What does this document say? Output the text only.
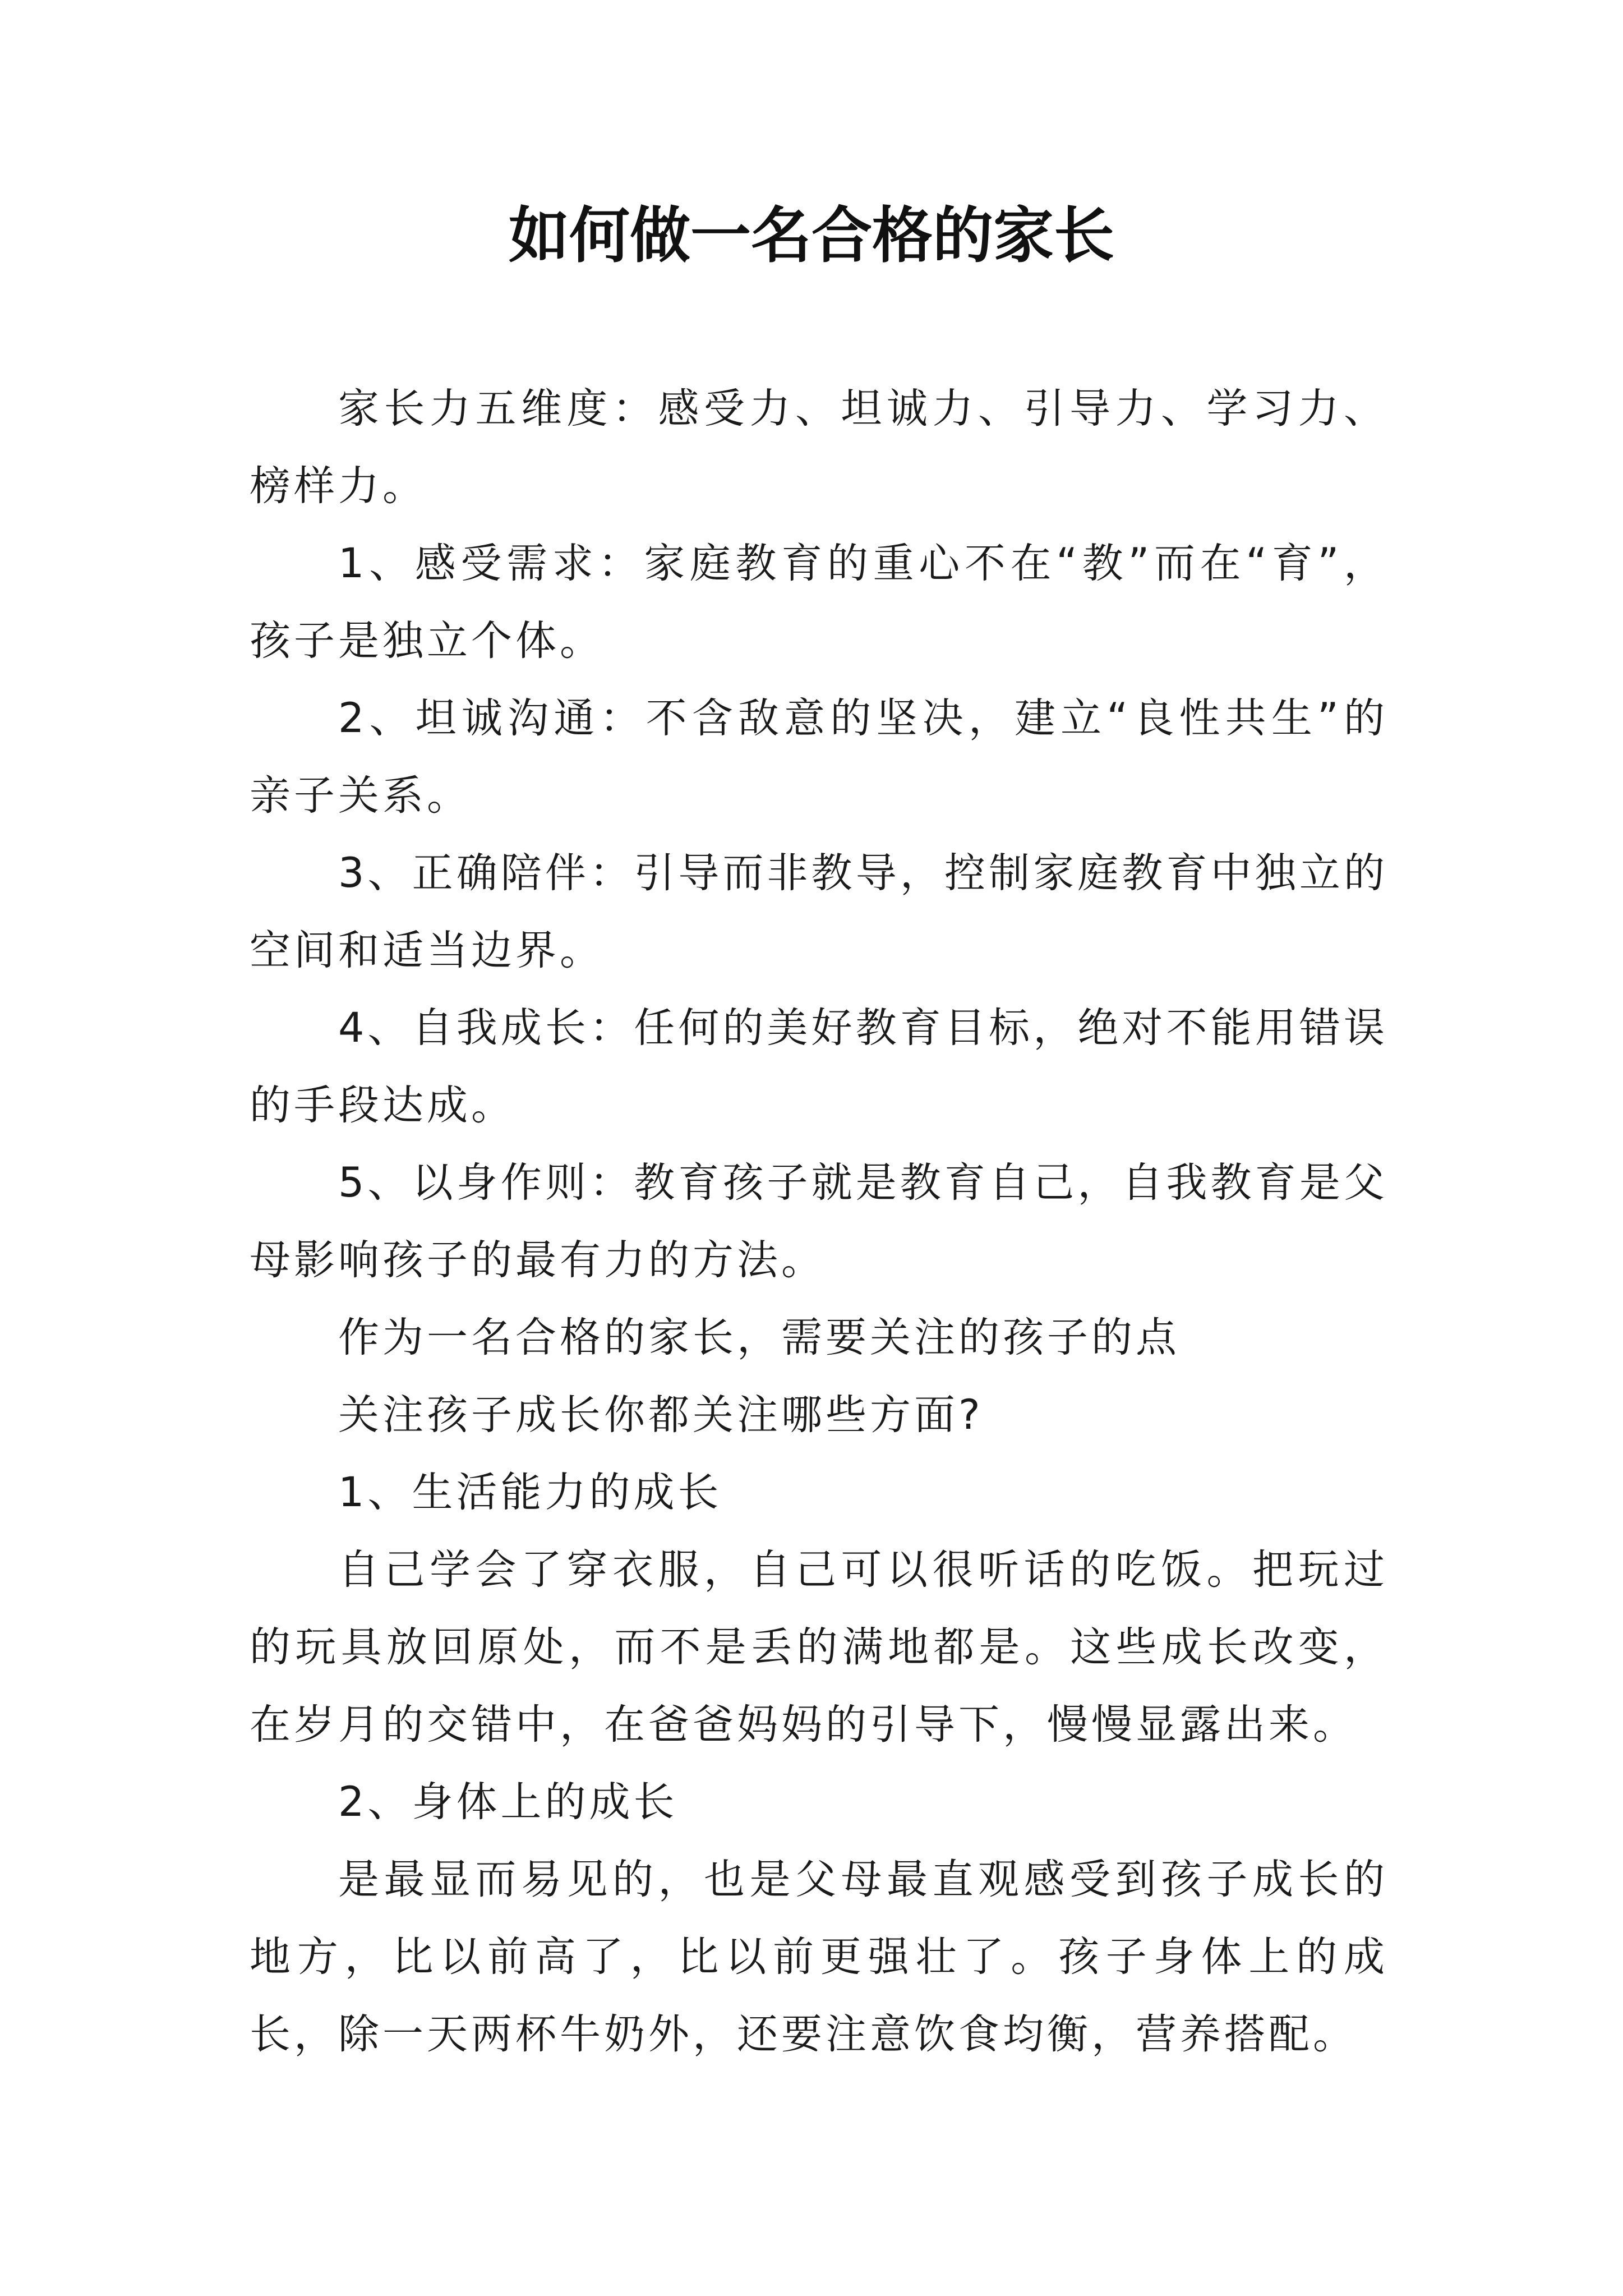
如何做一名合格的家长

家长力五维度：感受力、坦诚力、引导力、学习力、榜样力。

1、感受需求：家庭教育的重心不在“教”而在“育”，孩子是独立个体。

2、坦诚沟通：不含敌意的坚决，建立“良性共生”的亲子关系。

3、正确陪伴：引导而非教导，控制家庭教育中独立的空间和适当边界。

4、自我成长：任何的美好教育目标，绝对不能用错误的手段达成。

5、以身作则：教育孩子就是教育自己，自我教育是父母影响孩子的最有力的方法。

作为一名合格的家长，需要关注的孩子的点

关注孩子成长你都关注哪些方面?

1、生活能力的成长

自己学会了穿衣服，自己可以很听话的吃饭。把玩过的玩具放回原处，而不是丢的满地都是。这些成长改变，在岁月的交错中，在爸爸妈妈的引导下，慢慢显露出来。

2、身体上的成长

是最显而易见的，也是父母最直观感受到孩子成长的地方，比以前高了，比以前更强壮了。孩子身体上的成长，除一天两杯牛奶外，还要注意饮食均衡，营养搭配。
